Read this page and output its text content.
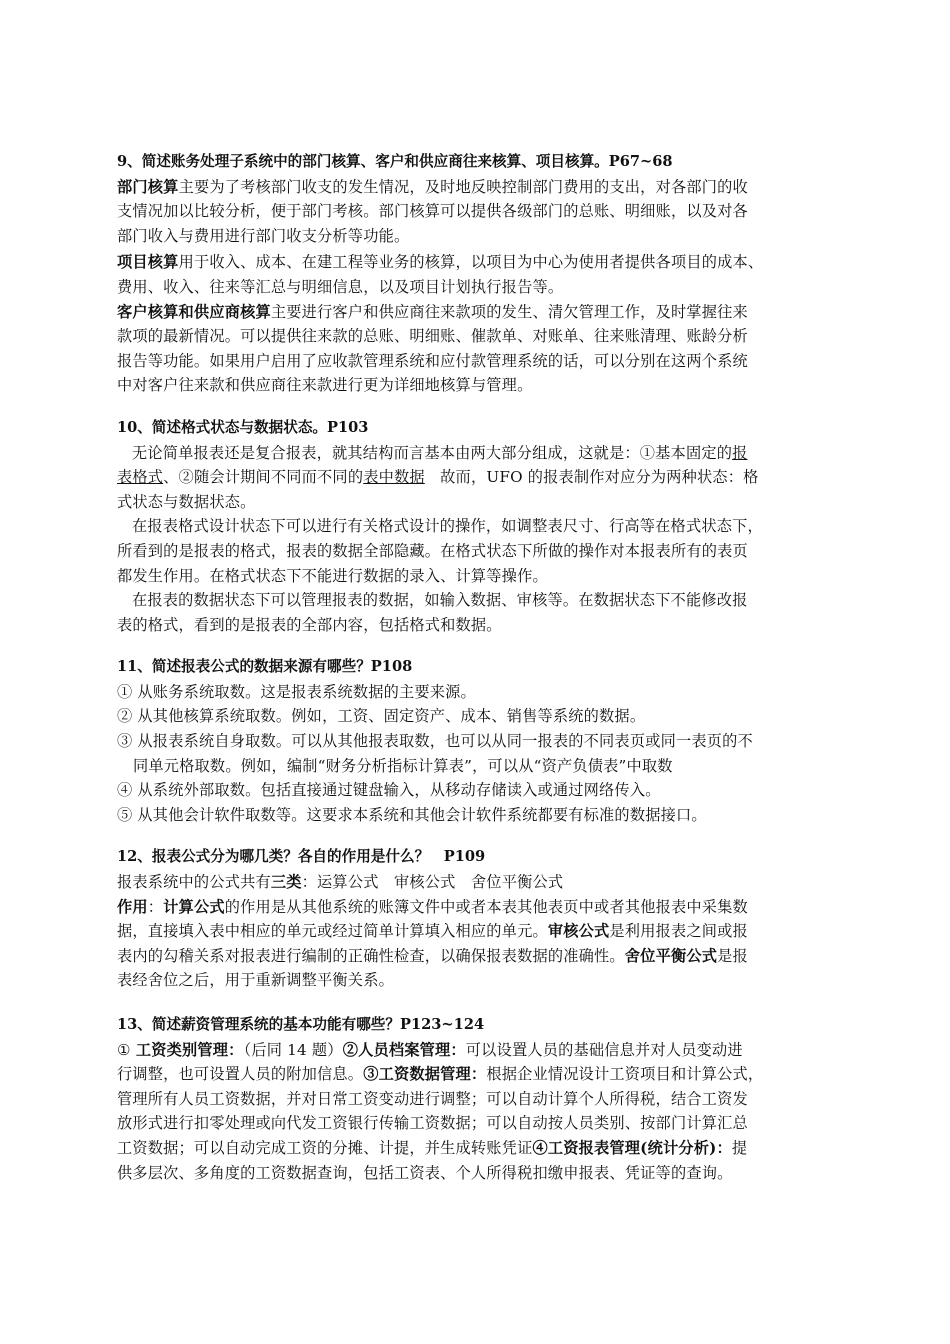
9、简述账务处理子系统中的部门核算、客户和供应商往来核算、项目核算。P67~68
部门核算主要为了考核部门收支的发生情况，及时地反映控制部门费用的支出，对各部门的收
支情况加以比较分析，便于部门考核。部门核算可以提供各级部门的总账、明细账，以及对各
部门收入与费用进行部门收支分析等功能。
项目核算用于收入、成本、在建工程等业务的核算，以项目为中心为使用者提供各项目的成本、
费用、收入、往来等汇总与明细信息，以及项目计划执行报告等。
客户核算和供应商核算主要进行客户和供应商往来款项的发生、清欠管理工作，及时掌握往来
款项的最新情况。可以提供往来款的总账、明细账、催款单、对账单、往来账清理、账龄分析
报告等功能。如果用户启用了应收款管理系统和应付款管理系统的话，可以分别在这两个系统
中对客户往来款和供应商往来款进行更为详细地核算与管理。
10、简述格式状态与数据状态。P103
无论简单报表还是复合报表，就其结构而言基本由两大部分组成，这就是：①基本固定的报
表格式、②随会计期间不同而不同的表中数据　故而，UFO 的报表制作对应分为两种状态：格
式状态与数据状态。
在报表格式设计状态下可以进行有关格式设计的操作，如调整表尺寸、行高等在格式状态下，
所看到的是报表的格式，报表的数据全部隐藏。在格式状态下所做的操作对本报表所有的表页
都发生作用。在格式状态下不能进行数据的录入、计算等操作。
在报表的数据状态下可以管理报表的数据，如输入数据、审核等。在数据状态下不能修改报
表的格式，看到的是报表的全部内容，包括格式和数据。
11、简述报表公式的数据来源有哪些？P108
① 从账务系统取数。这是报表系统数据的主要来源。
② 从其他核算系统取数。例如，工资、固定资产、成本、销售等系统的数据。
③ 从报表系统自身取数。可以从其他报表取数，也可以从同一报表的不同表页或同一表页的不
同单元格取数。例如，编制“财务分析指标计算表”，可以从“资产负债表”中取数
④ 从系统外部取数。包括直接通过键盘输入，从移动存储读入或通过网络传入。
⑤ 从其他会计软件取数等。这要求本系统和其他会计软件系统都要有标准的数据接口。
12、报表公式分为哪几类？各自的作用是什么？　P109
报表系统中的公式共有三类：运算公式　审核公式　舍位平衡公式
作用：计算公式的作用是从其他系统的账簿文件中或者本表其他表页中或者其他报表中采集数
据，直接填入表中相应的单元或经过简单计算填入相应的单元。审核公式是利用报表之间或报
表内的勾稽关系对报表进行编制的正确性检查，以确保报表数据的准确性。舍位平衡公式是报
表经舍位之后，用于重新调整平衡关系。
13、简述薪资管理系统的基本功能有哪些？P123~124
① 工资类别管理：（后同 14 题）②人员档案管理：可以设置人员的基础信息并对人员变动进
行调整，也可设置人员的附加信息。③工资数据管理：根据企业情况设计工资项目和计算公式，
管理所有人员工资数据，并对日常工资变动进行调整；可以自动计算个人所得税，结合工资发
放形式进行扣零处理或向代发工资银行传输工资数据；可以自动按人员类别、按部门计算汇总
工资数据；可以自动完成工资的分摊、计提，并生成转账凭证④工资报表管理(统计分析)：提
供多层次、多角度的工资数据查询，包括工资表、个人所得税扣缴申报表、凭证等的查询。
